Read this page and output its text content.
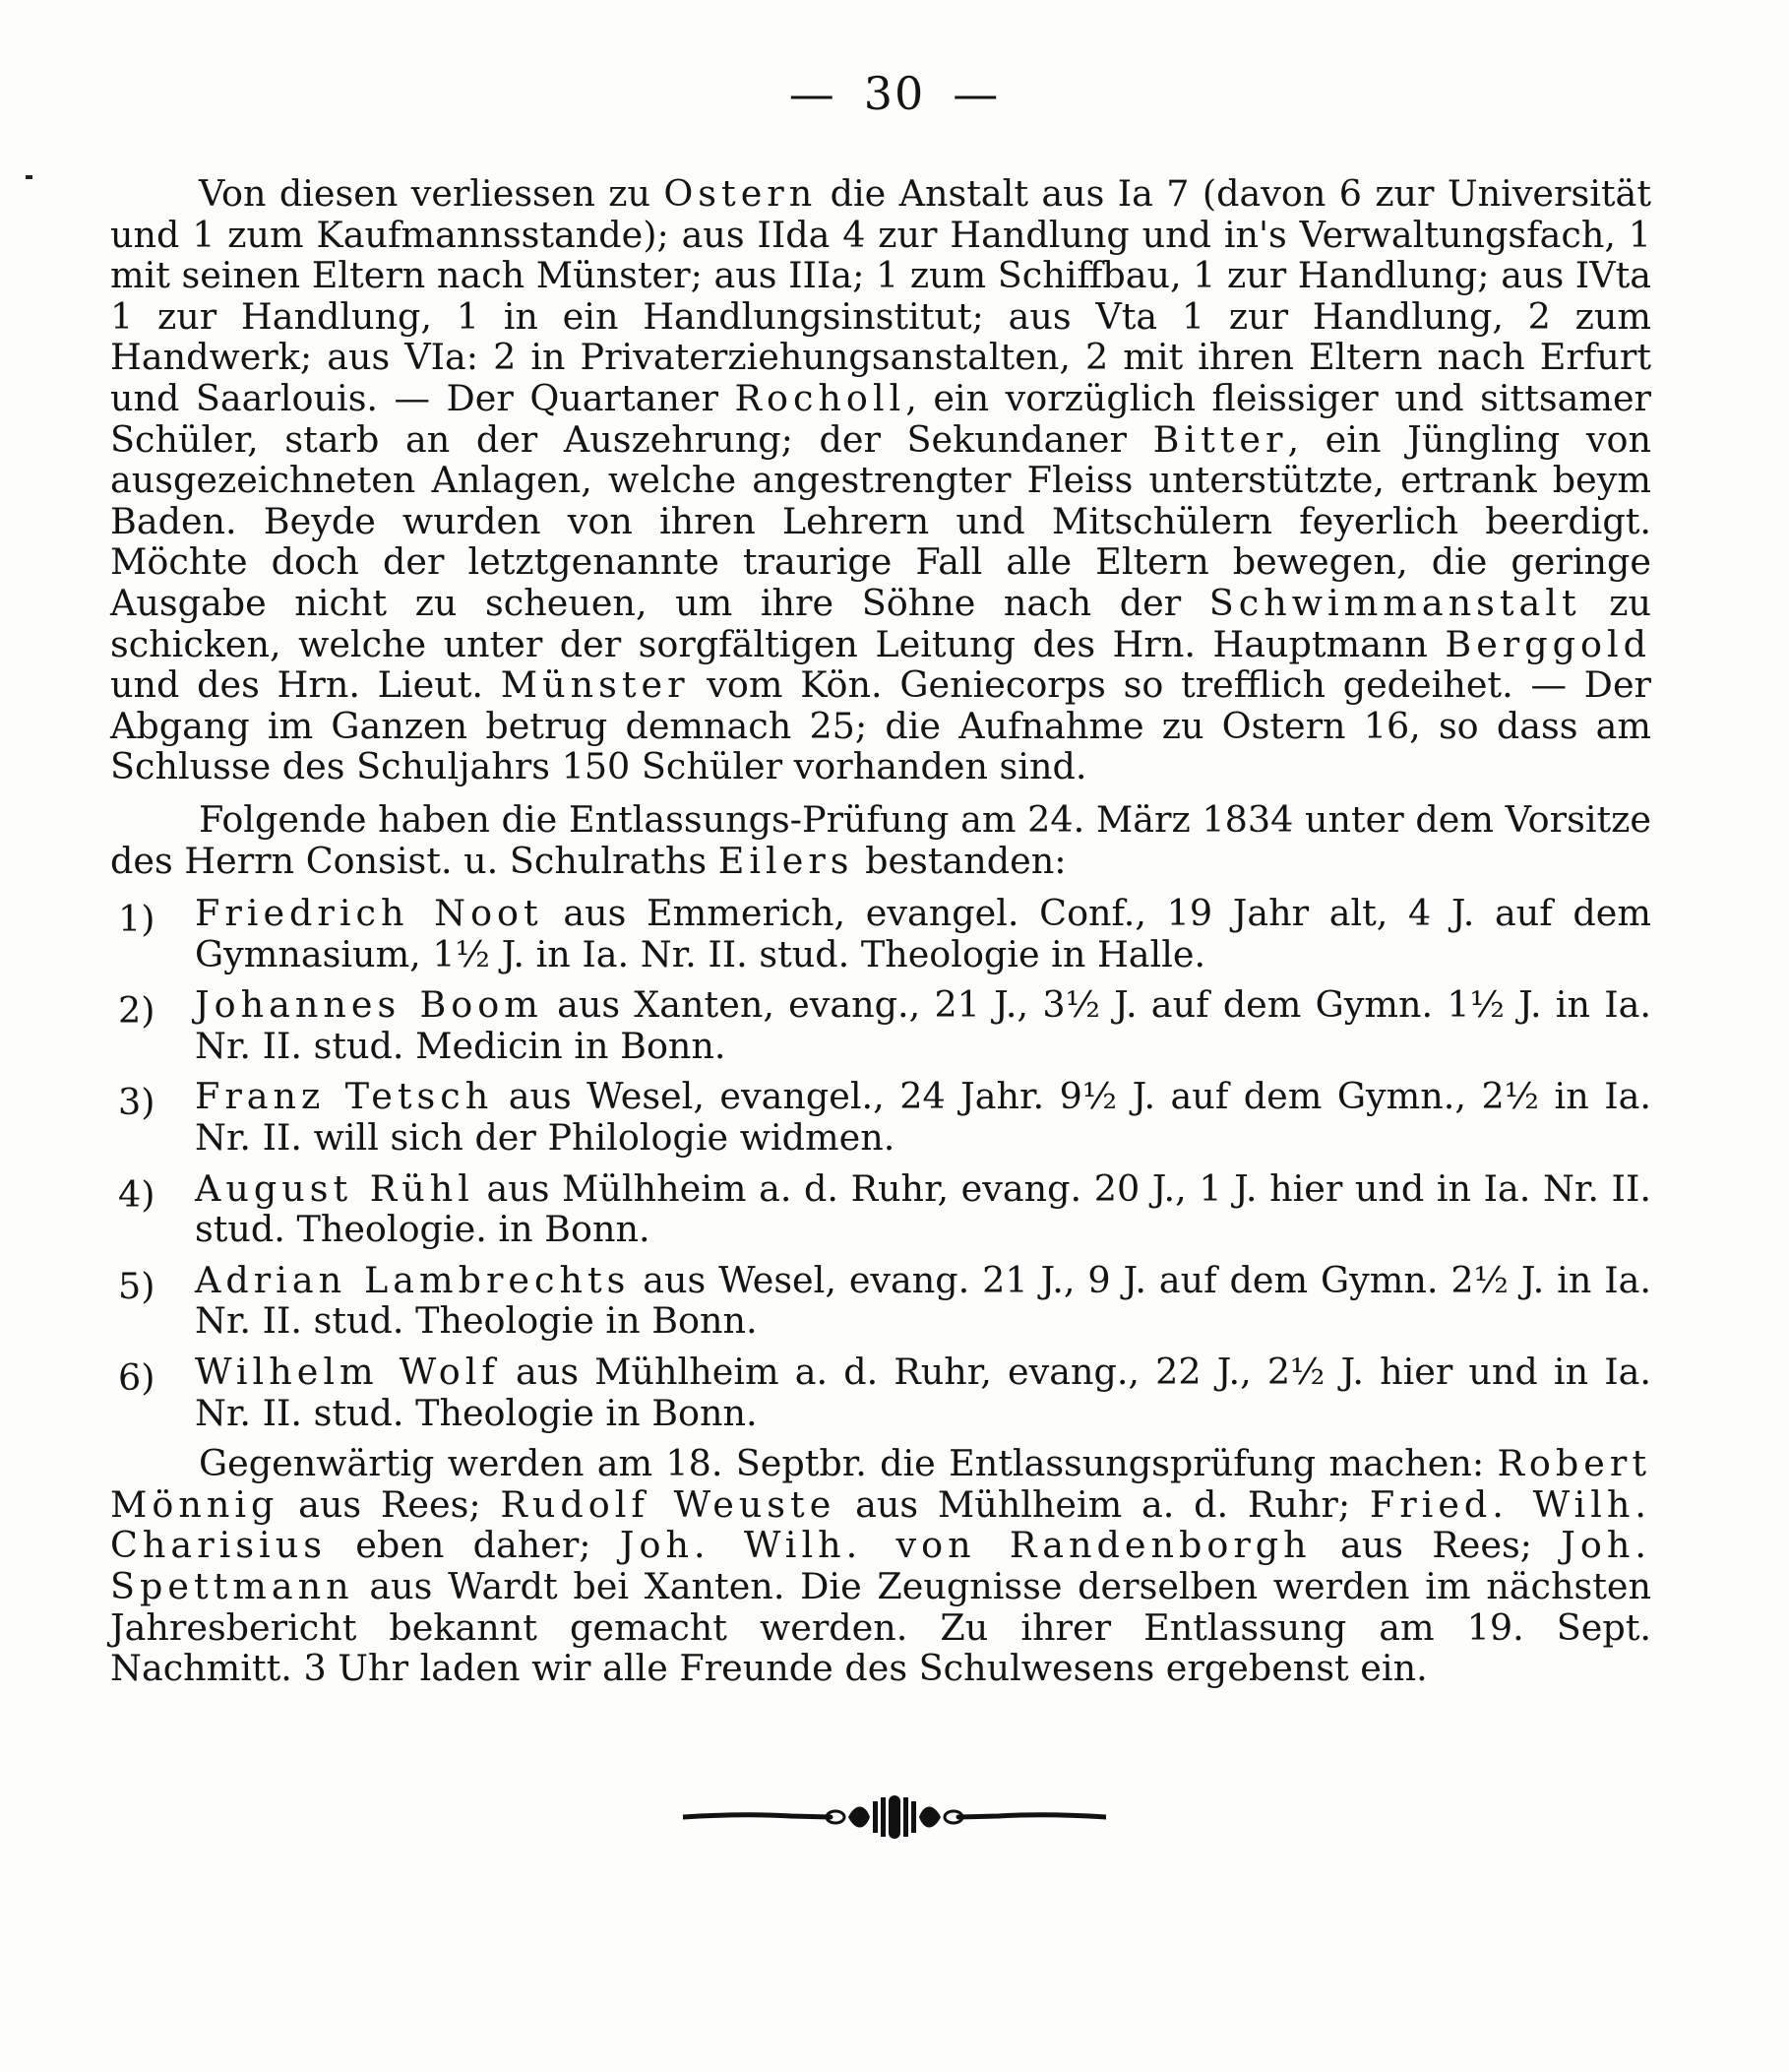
— 30 —

Von diesen verliessen zu Ostern die Anstalt aus Ia 7 (davon 6 zur Universität und 1 zum Kaufmannsstande); aus IIda 4 zur Handlung und in's Verwaltungsfach, 1 mit seinen Eltern nach Münster; aus IIIa; 1 zum Schiffbau, 1 zur Handlung; aus IVta 1 zur Handlung, 1 in ein Handlungsinstitut; aus Vta 1 zur Handlung, 2 zum Handwerk; aus VIa: 2 in Privaterziehungsanstalten, 2 mit ihren Eltern nach Erfurt und Saarlouis. — Der Quartaner Rocholl, ein vorzüglich fleissiger und sittsamer Schüler, starb an der Auszehrung; der Sekundaner Bitter, ein Jüngling von ausgezeichneten Anlagen, welche angestrengter Fleiss unterstützte, ertrank beym Baden. Beyde wurden von ihren Lehrern und Mitschülern feyerlich beerdigt. Möchte doch der letztgenannte traurige Fall alle Eltern bewegen, die geringe Ausgabe nicht zu scheuen, um ihre Söhne nach der Schwimmanstalt zu schicken, welche unter der sorgfältigen Leitung des Hrn. Hauptmann Berggold und des Hrn. Lieut. Münster vom Kön. Geniecorps so trefflich gedeihet. — Der Abgang im Ganzen betrug demnach 25; die Aufnahme zu Ostern 16, so dass am Schlusse des Schuljahrs 150 Schüler vorhanden sind.

Folgende haben die Entlassungs-Prüfung am 24. März 1834 unter dem Vorsitze des Herrn Consist. u. Schulraths Eilers bestanden:

1) Friedrich Noot aus Emmerich, evangel. Conf., 19 Jahr alt, 4 J. auf dem Gymnasium, 1½ J. in Ia. Nr. II. stud. Theologie in Halle.
2) Johannes Boom aus Xanten, evang., 21 J., 3½ J. auf dem Gymn. 1½ J. in Ia. Nr. II. stud. Medicin in Bonn.
3) Franz Tetsch aus Wesel, evangel., 24 Jahr. 9½ J. auf dem Gymn., 2½ in Ia. Nr. II. will sich der Philologie widmen.
4) August Rühl aus Mülhheim a. d. Ruhr, evang. 20 J., 1 J. hier und in Ia. Nr. II. stud. Theologie. in Bonn.
5) Adrian Lambrechts aus Wesel, evang. 21 J., 9 J. auf dem Gymn. 2½ J. in Ia. Nr. II. stud. Theologie in Bonn.
6) Wilhelm Wolf aus Mühlheim a. d. Ruhr, evang., 22 J., 2½ J. hier und in Ia. Nr. II. stud. Theologie in Bonn.

Gegenwärtig werden am 18. Septbr. die Entlassungsprüfung machen: Robert Mönnig aus Rees; Rudolf Weuste aus Mühlheim a. d. Ruhr; Fried. Wilh. Charisius eben daher; Joh. Wilh. von Randenborgh aus Rees; Joh. Spettmann aus Wardt bei Xanten. Die Zeugnisse derselben werden im nächsten Jahresbericht bekannt gemacht werden. Zu ihrer Entlassung am 19. Sept. Nachmitt. 3 Uhr laden wir alle Freunde des Schulwesens ergebenst ein.
